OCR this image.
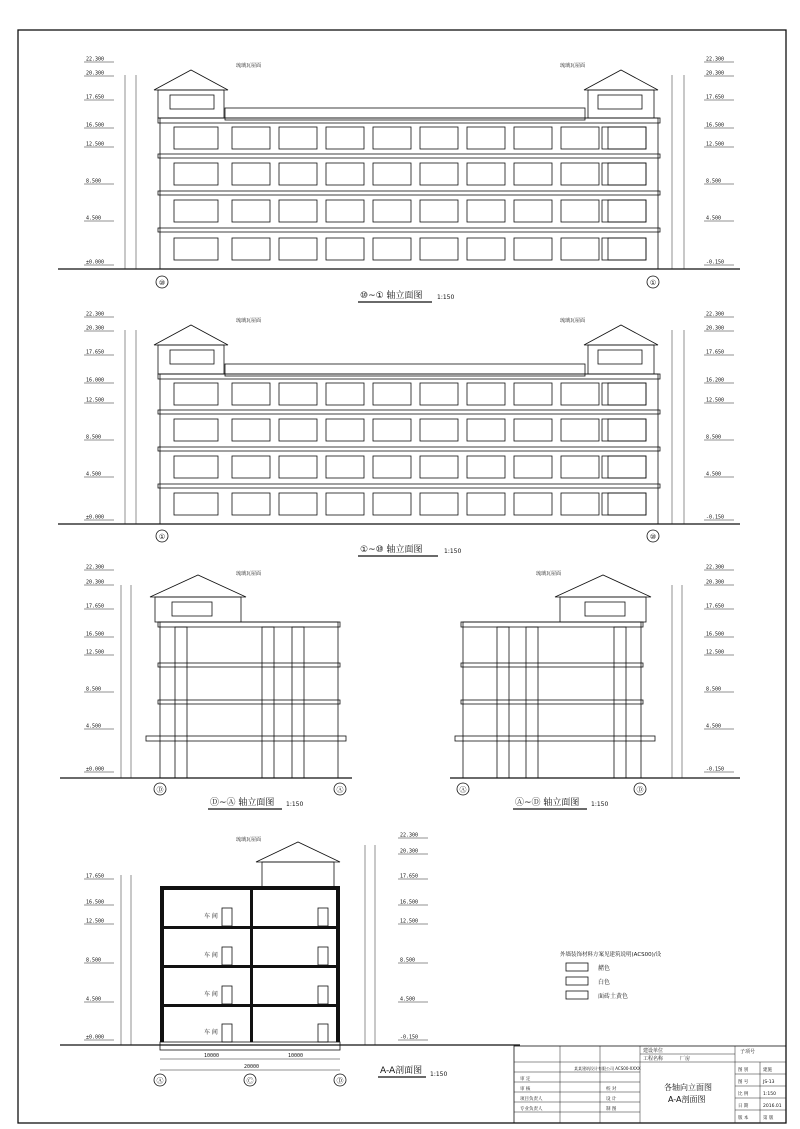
22.300
20.300
17.650
16.500
12.500
8.500
4.500
±0.000
22.300
20.300
17.650
16.500
12.500
8.500
4.500
-0.150
⑩	①
琉璃瓦屋面	琉璃瓦屋面
⑩~① 轴立面图 1:150
22.300
20.300
17.650
16.000
12.500
8.500
4.500
±0.000
22.300
20.300
17.650
16.200
12.500
8.500
4.500
-0.150
①	⑩
琉璃瓦屋面	琉璃瓦屋面
①~⑩ 轴立面图	1:150
22.300
20.300
17.650
16.500
12.500
8.500
4.500
±0.000
Ⓓ	Ⓐ
琉璃瓦屋面
Ⓓ~Ⓐ 轴立面图 1:150
22.300
20.300
17.650
16.500
12.500
8.500
4.500
-0.150
Ⓐ	Ⓓ
琉璃瓦屋面
Ⓐ~Ⓓ 轴立面图 1:150
车 间
车 间
车 间
车 间
琉璃瓦屋面
17.650
16.500
12.500
8.500
4.500
±0.000
22.300
20.300
17.650
16.500
12.500
8.500
4.500
-0.150
10000
20000
10000
Ⓐ	Ⓒ	Ⓓ
A-A剖面图 1:150
外墙装饰材料方案见建筑说明(ACS00)/设
赭色
白色
面砖土黄色
建设单位
工程名称	厂房
子项号
某某建筑设计有限公司 ACS00-XXXX
各轴向立面图
A-A剖面图
审 定
审 核
项目负责人
专业负责人
校 对
设 计
制 图
图 别	建施
图 号	JS-13
比 例	1:150
日 期	2016.01
版 本	第 版
